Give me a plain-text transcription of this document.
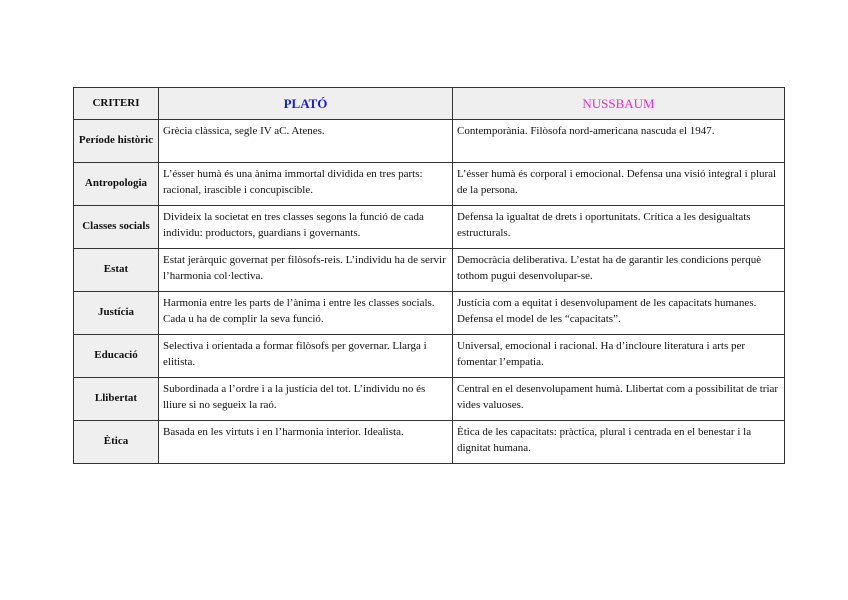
CRITERI	PLATÓ	NUSSBAUM
Període històric	Grècia clàssica, segle IV aC. Atenes.	Contemporània. Filòsofa nord-americana nascuda el 1947.
Antropologia	L’ésser humà és una ànima immortal dividida en tres parts: racional, irascible i concupiscible.	L’ésser humà és corporal i emocional. Defensa una visió integral i plural de la persona.
Classes socials	Divideix la societat en tres classes segons la funció de cada individu: productors, guardians i governants.	Defensa la igualtat de drets i oportunitats. Crítica a les desigualtats estructurals.
Estat	Estat jeràrquic governat per filòsofs-reis. L’individu ha de servir l’harmonia col·lectiva.	Democràcia deliberativa. L’estat ha de garantir les condicions perquè tothom pugui desenvolupar-se.
Justícia	Harmonia entre les parts de l’ànima i entre les classes socials. Cada u ha de complir la seva funció.	Justícia com a equitat i desenvolupament de les capacitats humanes. Defensa el model de les “capacitats”.
Educació	Selectiva i orientada a formar filòsofs per governar. Llarga i elitista.	Universal, emocional i racional. Ha d’incloure literatura i arts per fomentar l’empatia.
Llibertat	Subordinada a l’ordre i a la justícia del tot. L’individu no és lliure si no segueix la raó.	Central en el desenvolupament humà. Llibertat com a possibilitat de triar vides valuoses.
Ètica	Basada en les virtuts i en l’harmonia interior. Idealista.	Ètica de les capacitats: pràctica, plural i centrada en el benestar i la dignitat humana.
